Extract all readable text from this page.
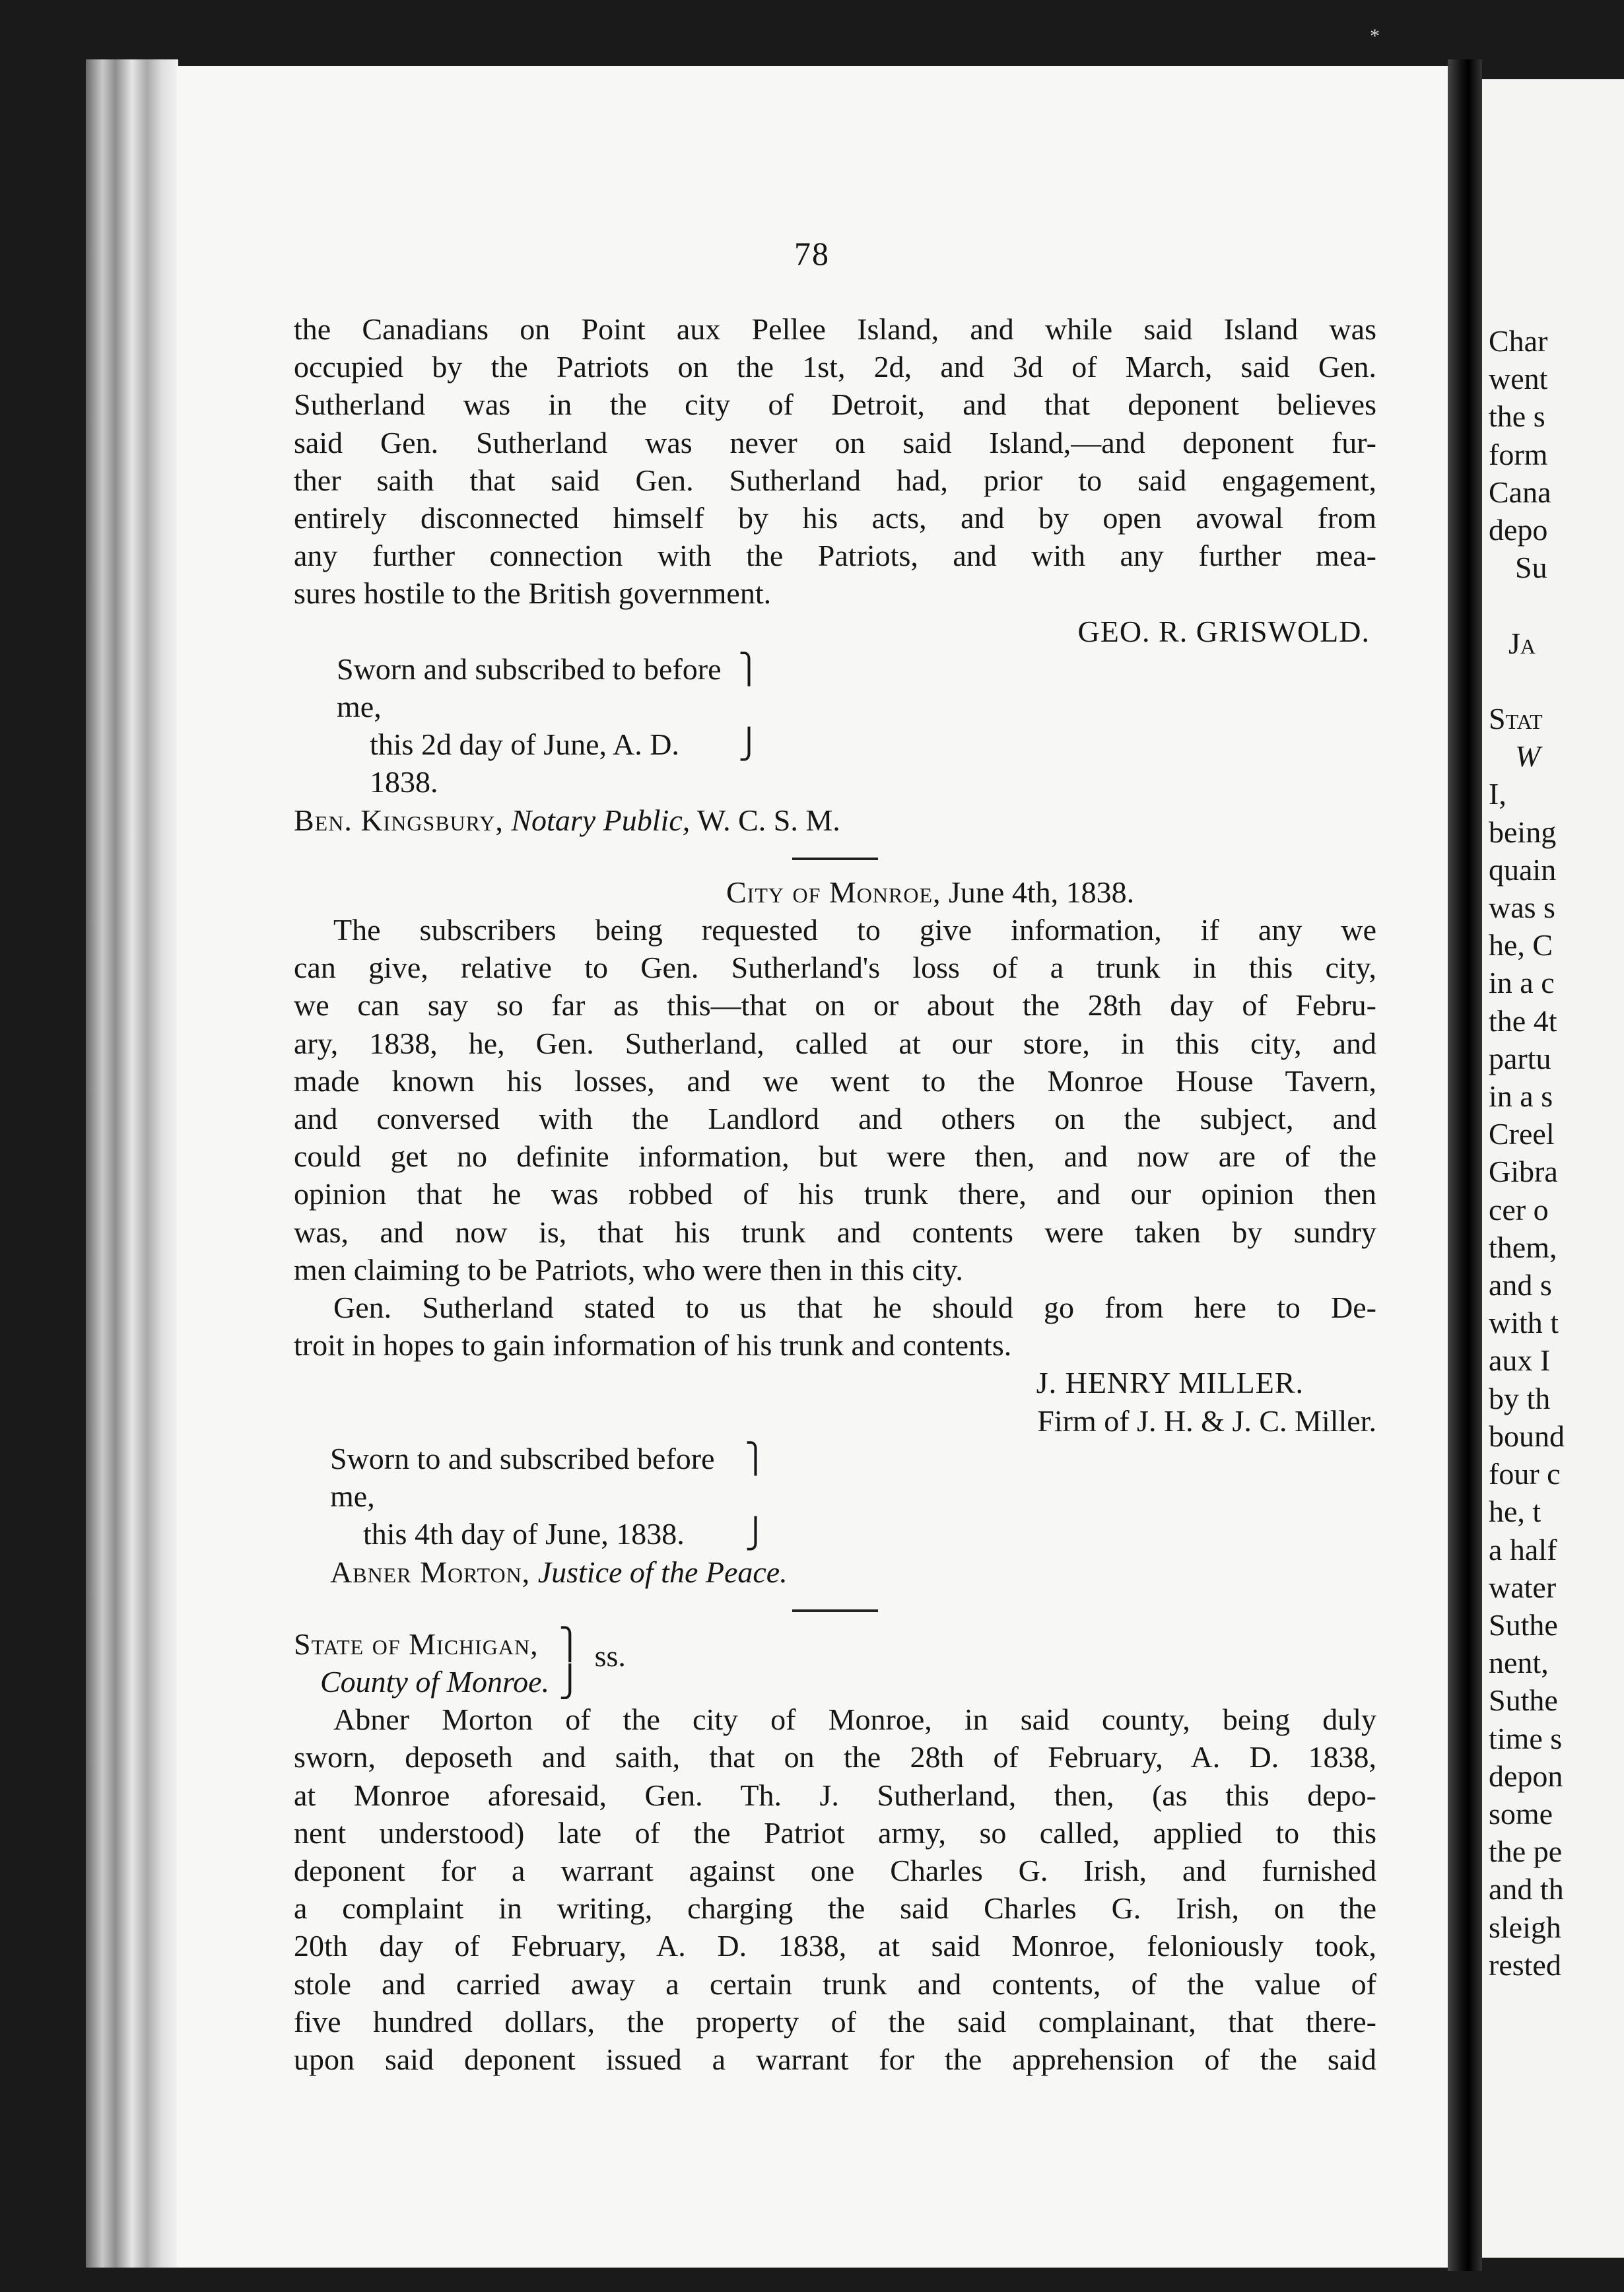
*
78
the Canadians on Point aux Pellee Island, and while said Island was
occupied by the Patriots on the 1st, 2d, and 3d of March, said Gen.
Sutherland was in the city of Detroit, and that deponent believes
said Gen. Sutherland was never on said Island,—and deponent fur-
ther saith that said Gen. Sutherland had, prior to said engagement,
entirely disconnected himself by his acts, and by open avowal from
any further connection with the Patriots, and with any further mea-
sures hostile to the British government.
GEO. R. GRISWOLD.
Sworn and subscribed to before me,
⎫
this 2d day of June, A. D. 1838.
⎭
Ben. Kingsbury, Notary Public, W. C. S. M.
City of Monroe, June 4th, 1838.
The subscribers being requested to give information, if any we
can give, relative to Gen. Sutherland's loss of a trunk in this city,
we can say so far as this—that on or about the 28th day of Febru-
ary, 1838, he, Gen. Sutherland, called at our store, in this city, and
made known his losses, and we went to the Monroe House Tavern,
and conversed with the Landlord and others on the subject, and
could get no definite information, but were then, and now are of the
opinion that he was robbed of his trunk there, and our opinion then
was, and now is, that his trunk and contents were taken by sundry
men claiming to be Patriots, who were then in this city.
Gen. Sutherland stated to us that he should go from here to De-
troit in hopes to gain information of his trunk and contents.
J. HENRY MILLER.
Firm of J. H. & J. C. Miller.
Sworn to and subscribed before me,
⎫
this 4th day of June, 1838.	⎭
Abner Morton, Justice of the Peace.
State of Michigan,
County of Monroe.
⎫
⎭
ss.
Abner Morton of the city of Monroe, in said county, being duly
sworn, deposeth and saith, that on the 28th of February, A. D. 1838,
at Monroe aforesaid, Gen. Th. J. Sutherland, then, (as this depo-
nent understood) late of the Patriot army, so called, applied to this
deponent for a warrant against one Charles G. Irish, and furnished
a complaint in writing, charging the said Charles G. Irish, on the
20th day of February, A. D. 1838, at said Monroe, feloniously took,
stole and carried away a certain trunk and contents, of the value of
five hundred dollars, the property of the said complainant, that there-
upon said deponent issued a warrant for the apprehension of the said
Char
went
the s
form
Cana
depo
Su

Ja

Stat
W
I,
being
quain
was s
he, C
in a c
the 4t
partu
in a s
Creel
Gibra
cer o
them,
and s
with t
aux I
by th
bound
four c
he, t
a half
water
Suthe
nent,
Suthe
time s
depon
some
the pe
and th
sleigh
rested
